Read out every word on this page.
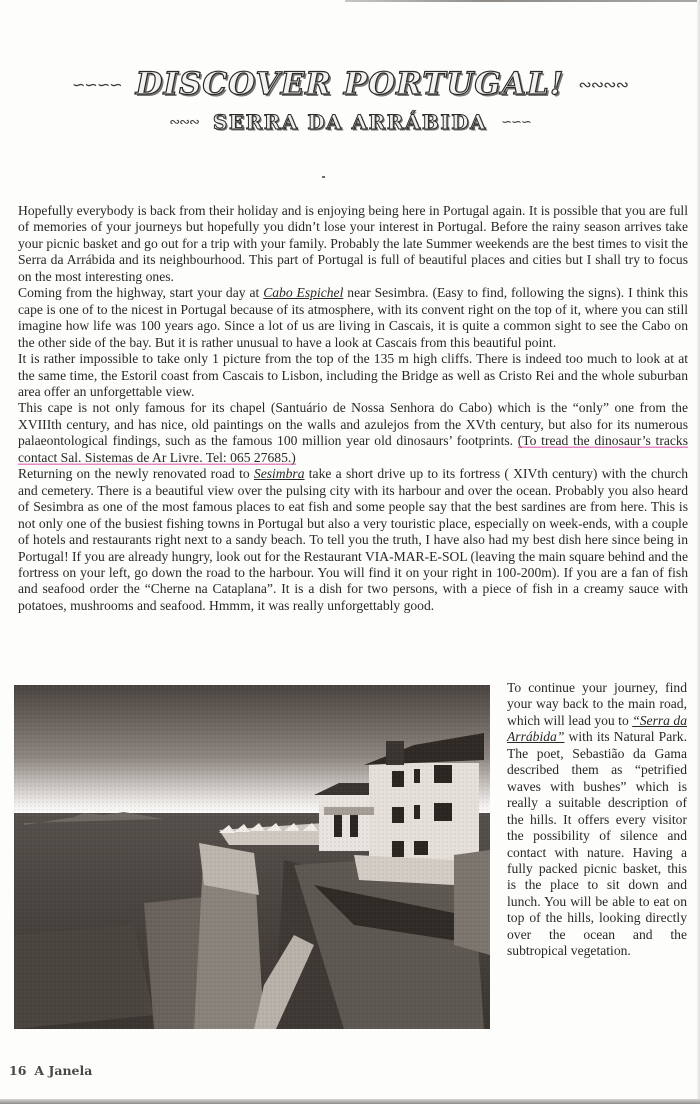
∽∽∽∽ DISCOVER PORTUGAL! ∾∾∾∾
∾∾∾ SERRA DA ARRÁBIDA ∽∽∽

Hopefully everybody is back from their holiday and is enjoying being here in Portugal again. It is possible that you are full of memories of your journeys but hopefully you didn’t lose your interest in Portugal. Before the rainy season arrives take your picnic basket and go out for a trip with your family. Probably the late Summer weekends are the best times to visit the Serra da Arrábida and its neighbourhood. This part of Portugal is full of beautiful places and cities but I shall try to focus on the most interesting ones.

Coming from the highway, start your day at Cabo Espichel near Sesimbra. (Easy to find, following the signs). I think this cape is one of to the nicest in Portugal because of its atmosphere, with its convent right on the top of it, where you can still imagine how life was 100 years ago. Since a lot of us are living in Cascais, it is quite a common sight to see the Cabo on the other side of the bay. But it is rather unusual to have a look at Cascais from this beautiful point.

It is rather impossible to take only 1 picture from the top of the 135 m high cliffs. There is indeed too much to look at at the same time, the Estoril coast from Cascais to Lisbon, including the Bridge as well as Cristo Rei and the whole suburban area offer an unforgettable view.

This cape is not only famous for its chapel (Santuário de Nossa Senhora do Cabo) which is the “only” one from the XVIIIth century, and has nice, old paintings on the walls and azulejos from the XVth century, but also for its numerous palaeontological findings, such as the famous 100 million year old dinosaurs’ footprints. (To tread the dinosaur’s tracks contact Sal. Sistemas de Ar Livre. Tel: 065 27685.)

Returning on the newly renovated road to Sesimbra take a short drive up to its fortress ( XIVth century) with the church and cemetery. There is a beautiful view over the pulsing city with its harbour and over the ocean. Probably you also heard of Sesimbra as one of the most famous places to eat fish and some people say that the best sardines are from here. This is not only one of the busiest fishing towns in Portugal but also a very touristic place, especially on week-ends, with a couple of hotels and restaurants right next to a sandy beach. To tell you the truth, I have also had my best dish here since being in Portugal! If you are already hungry, look out for the Restaurant VIA-MAR-E-SOL (leaving the main square behind and the fortress on your left, go down the road to the harbour. You will find it on your right in 100-200m). If you are a fan of fish and seafood order the “Cherne na Cataplana”. It is a dish for two persons, with a piece of fish in a creamy sauce with potatoes, mushrooms and seafood. Hmmm, it was really unforgettably good.

To continue your journey, find your way back to the main road, which will lead you to “Serra da Arrábida” with its Natural Park. The poet, Sebastião da Gama described them as “petrified waves with bushes” which is really a suitable description of the hills. It offers every visitor the possibility of silence and contact with nature. Having a fully packed picnic basket, this is the place to sit down and lunch. You will be able to eat on top of the hills, looking directly over the ocean and the subtropical vegetation.

16 A Janela
